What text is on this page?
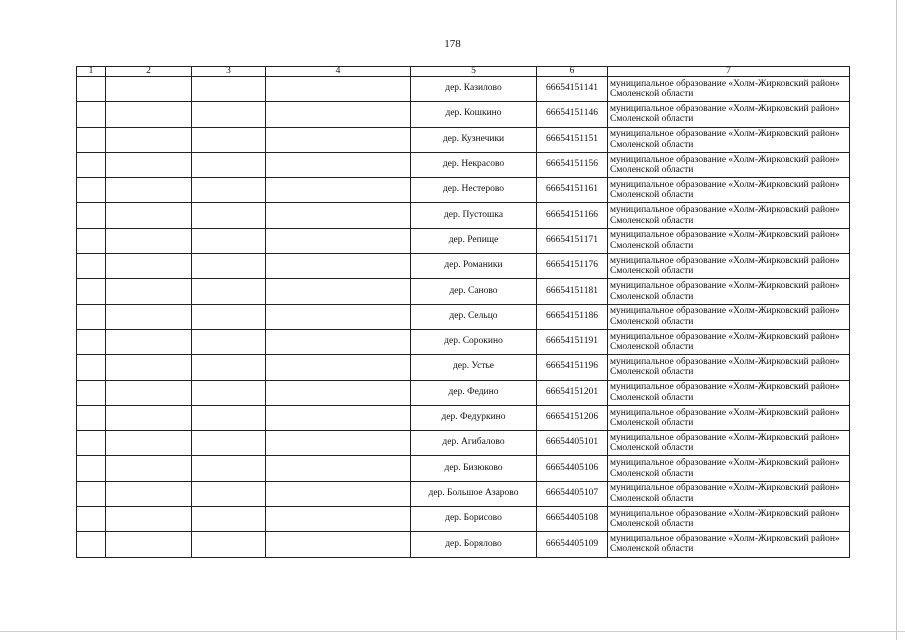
178
1	2	3	4	5	6	7
				дер. Казилово	66654151141	муниципальное образование «Холм-Жирковский район» Смоленской области
				дер. Кошкино	66654151146	муниципальное образование «Холм-Жирковский район» Смоленской области
				дер. Кузнечики	66654151151	муниципальное образование «Холм-Жирковский район» Смоленской области
				дер. Некрасово	66654151156	муниципальное образование «Холм-Жирковский район» Смоленской области
				дер. Нестерово	66654151161	муниципальное образование «Холм-Жирковский район» Смоленской области
				дер. Пустошка	66654151166	муниципальное образование «Холм-Жирковский район» Смоленской области
				дер. Репище	66654151171	муниципальное образование «Холм-Жирковский район» Смоленской области
				дер. Романики	66654151176	муниципальное образование «Холм-Жирковский район» Смоленской области
				дер. Саново	66654151181	муниципальное образование «Холм-Жирковский район» Смоленской области
				дер. Сельцо	66654151186	муниципальное образование «Холм-Жирковский район» Смоленской области
				дер. Сорокино	66654151191	муниципальное образование «Холм-Жирковский район» Смоленской области
				дер. Устье	66654151196	муниципальное образование «Холм-Жирковский район» Смоленской области
				дер. Федино	66654151201	муниципальное образование «Холм-Жирковский район» Смоленской области
				дер. Федуркино	66654151206	муниципальное образование «Холм-Жирковский район» Смоленской области
				дер. Агибалово	66654405101	муниципальное образование «Холм-Жирковский район» Смоленской области
				дер. Бизюково	66654405106	муниципальное образование «Холм-Жирковский район» Смоленской области
				дер. Большое Азарово	66654405107	муниципальное образование «Холм-Жирковский район» Смоленской области
				дер. Борисово	66654405108	муниципальное образование «Холм-Жирковский район» Смоленской области
				дер. Борялово	66654405109	муниципальное образование «Холм-Жирковский район» Смоленской области
